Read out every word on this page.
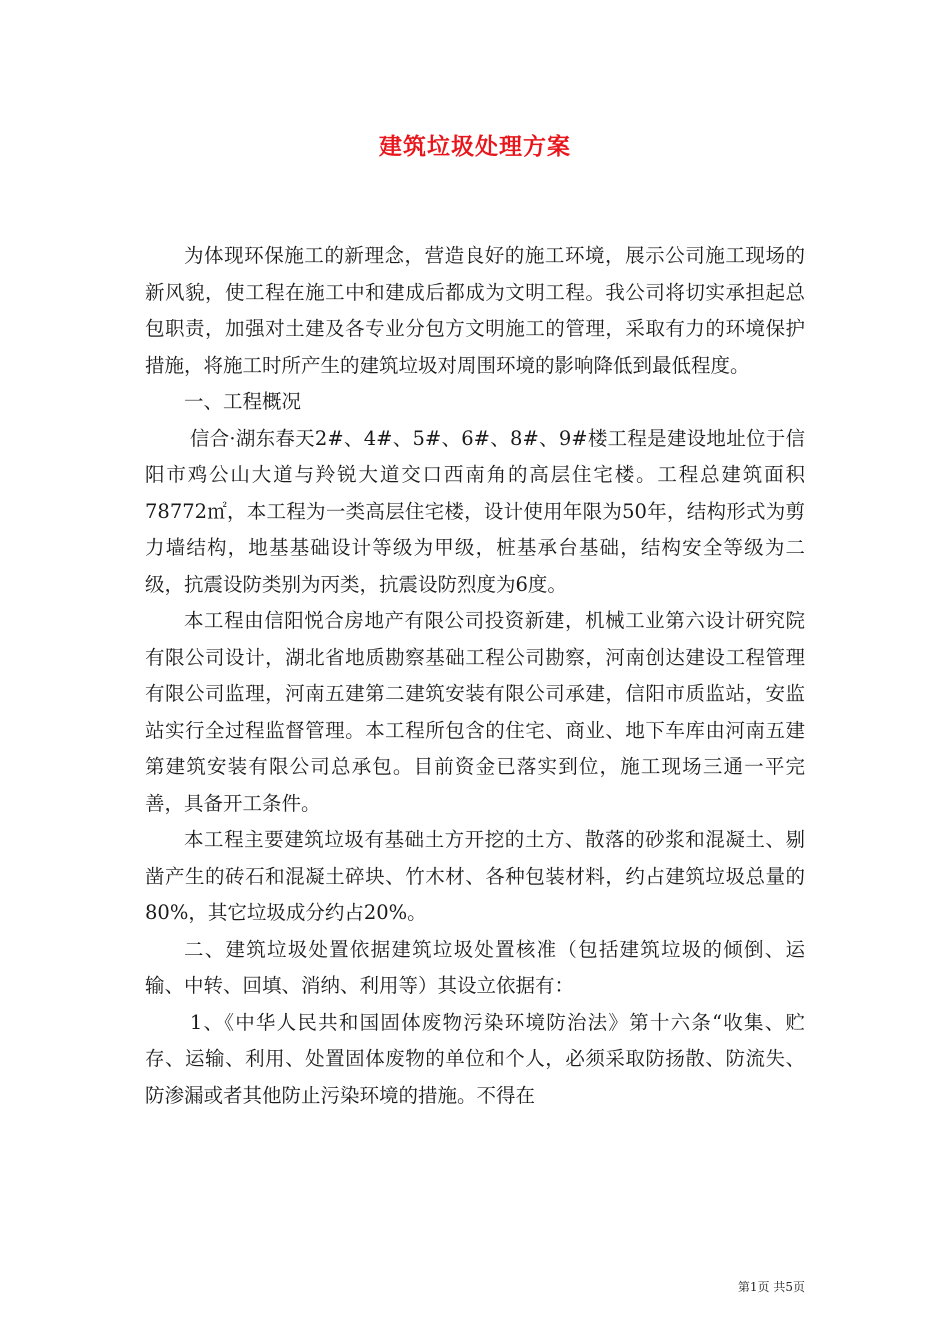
建筑垃圾处理方案

为体现环保施工的新理念，营造良好的施工环境，展示公司施工现场的新风貌，使工程在施工中和建成后都成为文明工程。我公司将切实承担起总包职责，加强对土建及各专业分包方文明施工的管理，采取有力的环境保护措施，将施工时所产生的建筑垃圾对周围环境的影响降低到最低程度。

一、工程概况

信合·湖东春天2#、4#、5#、6#、8#、9#楼工程是建设地址位于信阳市鸡公山大道与羚锐大道交口西南角的高层住宅楼。工程总建筑面积78772㎡，本工程为一类高层住宅楼，设计使用年限为50年，结构形式为剪力墙结构，地基基础设计等级为甲级，桩基承台基础，结构安全等级为二级，抗震设防类别为丙类，抗震设防烈度为6度。

本工程由信阳悦合房地产有限公司投资新建，机械工业第六设计研究院有限公司设计，湖北省地质勘察基础工程公司勘察，河南创达建设工程管理有限公司监理，河南五建第二建筑安装有限公司承建，信阳市质监站，安监站实行全过程监督管理。本工程所包含的住宅、商业、地下车库由河南五建第建筑安装有限公司总承包。目前资金已落实到位，施工现场三通一平完善，具备开工条件。

本工程主要建筑垃圾有基础土方开挖的土方、散落的砂浆和混凝土、剔凿产生的砖石和混凝土碎块、竹木材、各种包装材料，约占建筑垃圾总量的80%，其它垃圾成分约占20%。

二、建筑垃圾处置依据建筑垃圾处置核准（包括建筑垃圾的倾倒、运输、中转、回填、消纳、利用等）其设立依据有：

1、《中华人民共和国固体废物污染环境防治法》第十六条“收集、贮存、运输、利用、处置固体废物的单位和个人，必须采取防扬散、防流失、防渗漏或者其他防止污染环境的措施。不得在

第1页 共5页
